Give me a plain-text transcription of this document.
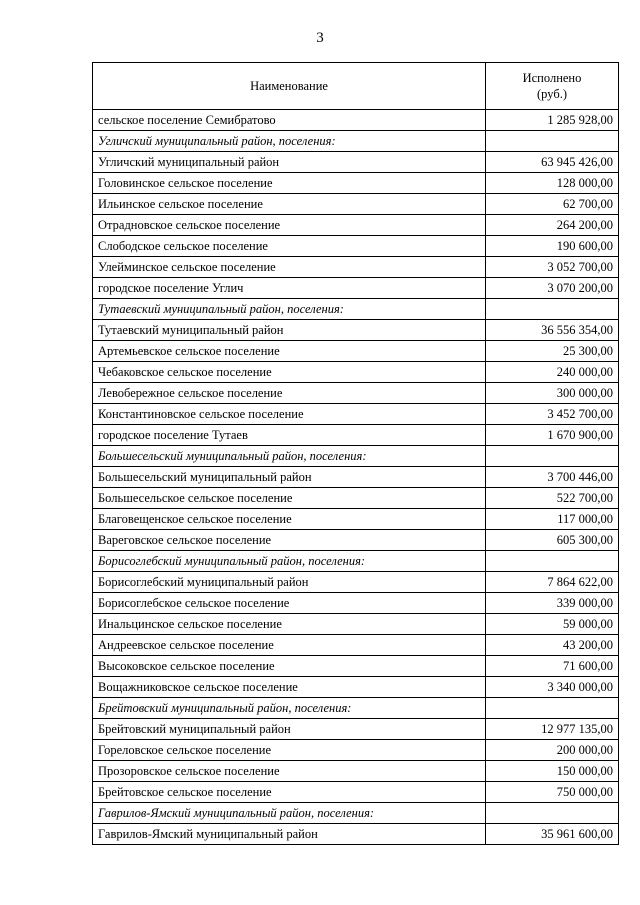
3
Наименование	Исполнено
(руб.)
сельское поселение Семибратово	1 285 928,00
Угличский муниципальный район, поселения:	
Угличский муниципальный район	63 945 426,00
Головинское сельское поселение	128 000,00
Ильинское сельское поселение	62 700,00
Отрадновское сельское поселение	264 200,00
Слободское сельское поселение	190 600,00
Улейминское сельское поселение	3 052 700,00
городское поселение Углич	3 070 200,00
Тутаевский муниципальный район, поселения:	
Тутаевский муниципальный район	36 556 354,00
Артемьевское сельское поселение	25 300,00
Чебаковское сельское поселение	240 000,00
Левобережное сельское поселение	300 000,00
Константиновское сельское поселение	3 452 700,00
городское поселение Тутаев	1 670 900,00
Большесельский муниципальный район, поселения:	
Большесельский муниципальный район	3 700 446,00
Большесельское сельское поселение	522 700,00
Благовещенское сельское поселение	117 000,00
Вареговское сельское поселение	605 300,00
Борисоглебский муниципальный район, поселения:	
Борисоглебский муниципальный район	7 864 622,00
Борисоглебское сельское поселение	339 000,00
Инальцинское сельское поселение	59 000,00
Андреевское сельское поселение	43 200,00
Высоковское сельское поселение	71 600,00
Вощажниковское сельское поселение	3 340 000,00
Брейтовский муниципальный район, поселения:	
Брейтовский муниципальный район	12 977 135,00
Гореловское сельское поселение	200 000,00
Прозоровское сельское поселение	150 000,00
Брейтовское сельское поселение	750 000,00
Гаврилов-Ямский муниципальный район, поселения:	
Гаврилов-Ямский муниципальный район	35 961 600,00
